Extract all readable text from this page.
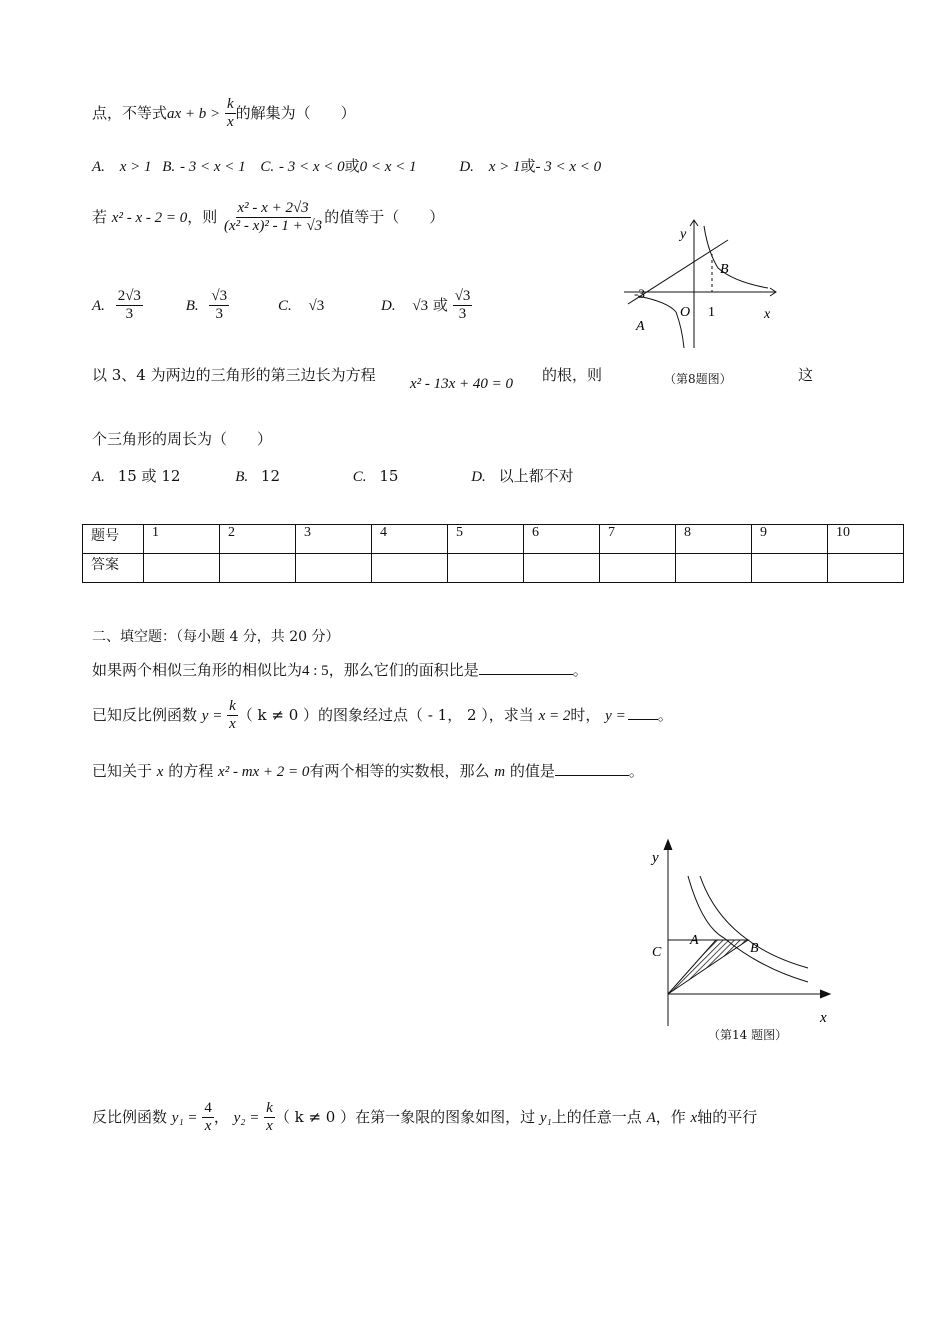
点，不等式ax + $b > \frac{k}{x}$ 的解集为（　　）
A. x > 1 B. - 3 < x < 1 C. - 3 < x < 0或0 < x < 1	D. x > 1或- 3 < x < 0
若 x² - x - 2 = 0，则 $\frac{\text{x² - x + 2√3}}{\text{(x² - x)² - 1 + √3}}$ 的值等于（　　）
A. $\frac{2√3}{3}$	B. $\frac{√3}{3}$	C. √3	D. √3 或 $\frac{√3}{3}$
y
x
B
A
O 1
-3
（第8题图）
以 3、4 为两边的三角形的第三边长为方程 x² - 13x + 40 = 0 的根，则	这
个三角形的周长为（　　）
A. 15 或 12	B. 12	C. 15	D. 以上都不对
题号	1	2	3	4	5	6	7	8	9	10
答案										
二、填空题：（每小题 4 分，共 20 分）
如果两个相似三角形的相似比为4 : 5，那么它们的面积比是	。
已知反比例函数 $y = \frac{k}{x}$ （ k ≠ 0 ）的图象经过点（ - 1， 2 ），求当 x = 2时， y = 。
已知关于 x 的方程 x² - mx + 2 = 0有两个相等的实数根，那么 m 的值是	。
y
x
A
B
C
（第14 题图）
反比例函数 $y_1 = \frac{4}{x}$ ， $y_2 = \frac{k}{x}$ （ k ≠ 0 ）在第一象限的图象如图，过 y₁上的任意一点 A，作 x轴的平行
